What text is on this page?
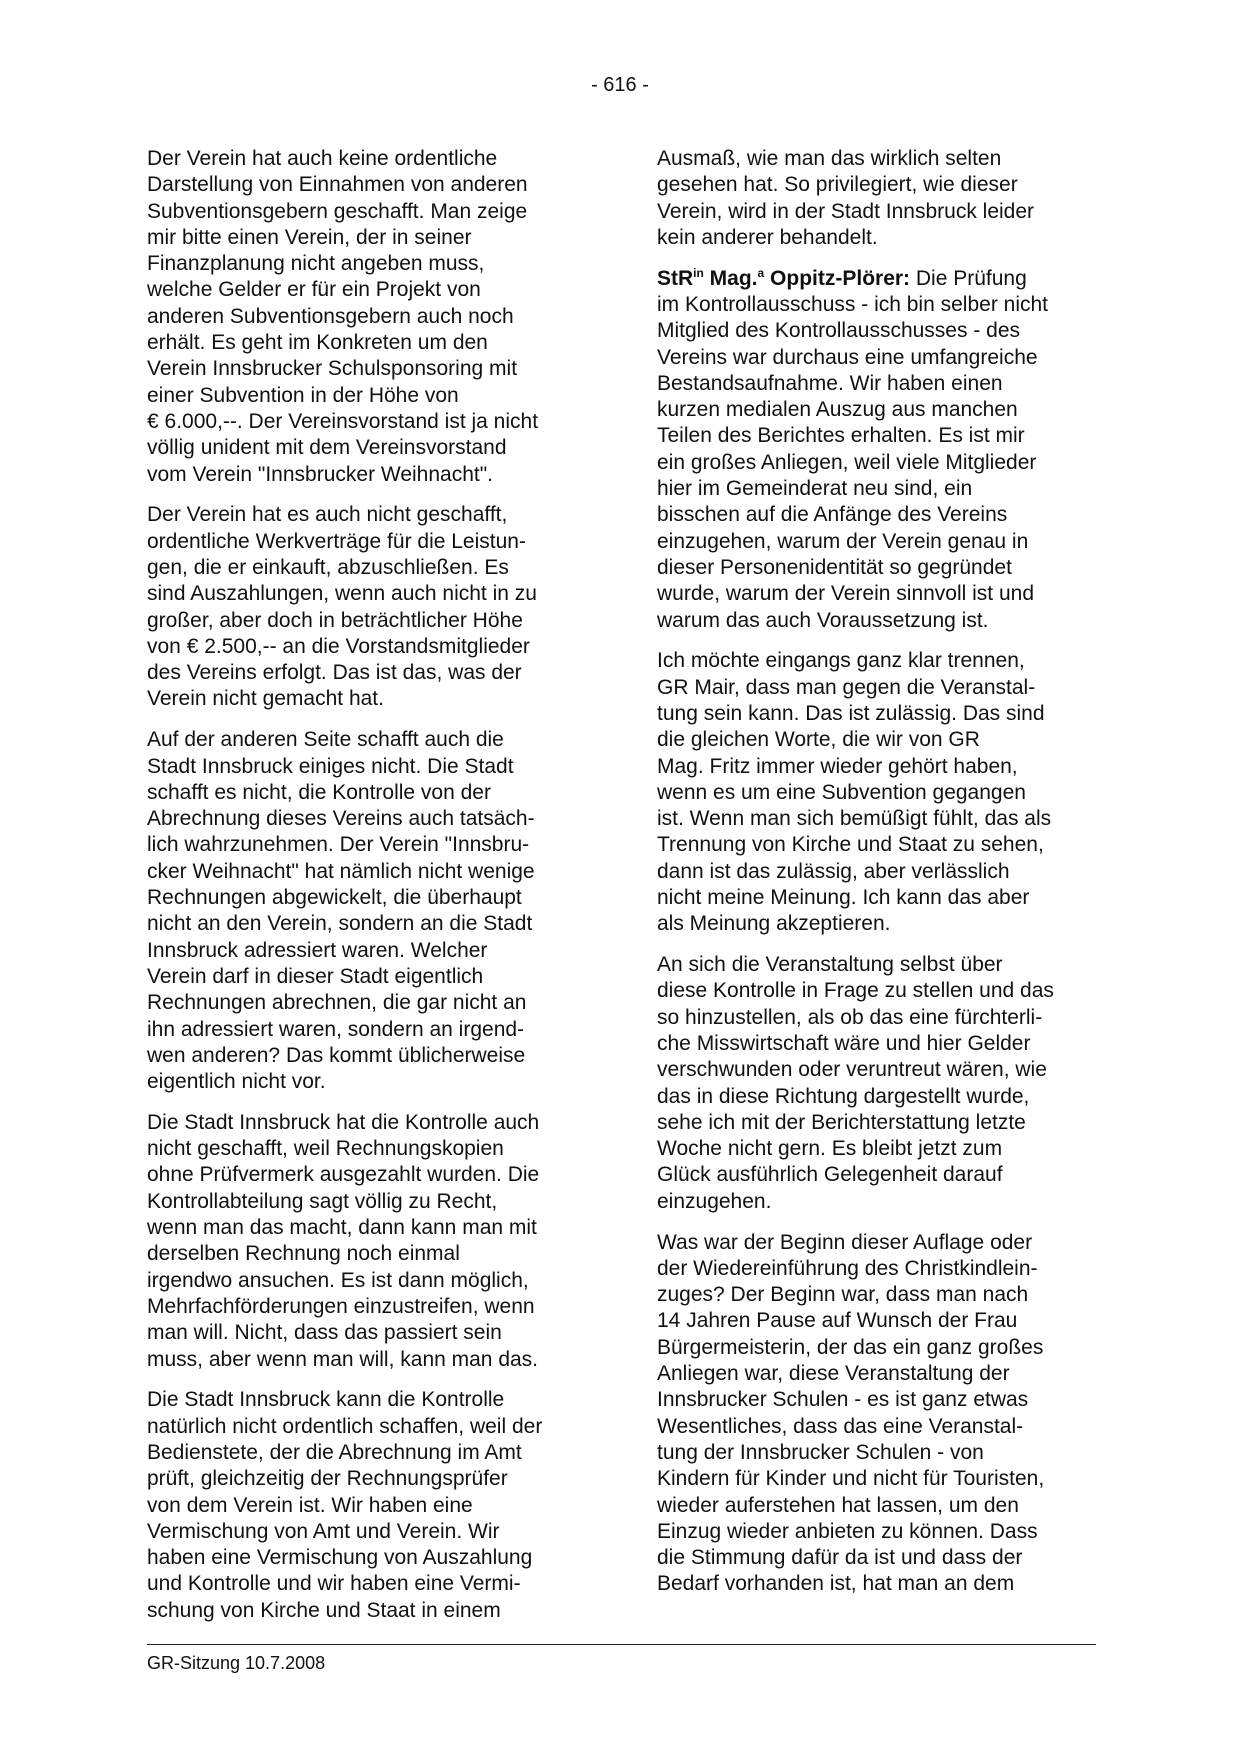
- 616 -

Der Verein hat auch keine ordentliche
Darstellung von Einnahmen von anderen
Subventionsgebern geschafft. Man zeige
mir bitte einen Verein, der in seiner
Finanzplanung nicht angeben muss,
welche Gelder er für ein Projekt von
anderen Subventionsgebern auch noch
erhält. Es geht im Konkreten um den
Verein Innsbrucker Schulsponsoring mit
einer Subvention in der Höhe von
€ 6.000,--. Der Vereinsvorstand ist ja nicht
völlig unident mit dem Vereinsvorstand
vom Verein "Innsbrucker Weihnacht".

Der Verein hat es auch nicht geschafft,
ordentliche Werkverträge für die Leistun-
gen, die er einkauft, abzuschließen. Es
sind Auszahlungen, wenn auch nicht in zu
großer, aber doch in beträchtlicher Höhe
von € 2.500,-- an die Vorstandsmitglieder
des Vereins erfolgt. Das ist das, was der
Verein nicht gemacht hat.

Auf der anderen Seite schafft auch die
Stadt Innsbruck einiges nicht. Die Stadt
schafft es nicht, die Kontrolle von der
Abrechnung dieses Vereins auch tatsäch-
lich wahrzunehmen. Der Verein "Innsbru-
cker Weihnacht" hat nämlich nicht wenige
Rechnungen abgewickelt, die überhaupt
nicht an den Verein, sondern an die Stadt
Innsbruck adressiert waren. Welcher
Verein darf in dieser Stadt eigentlich
Rechnungen abrechnen, die gar nicht an
ihn adressiert waren, sondern an irgend-
wen anderen? Das kommt üblicherweise
eigentlich nicht vor.

Die Stadt Innsbruck hat die Kontrolle auch
nicht geschafft, weil Rechnungskopien
ohne Prüfvermerk ausgezahlt wurden. Die
Kontrollabteilung sagt völlig zu Recht,
wenn man das macht, dann kann man mit
derselben Rechnung noch einmal
irgendwo ansuchen. Es ist dann möglich,
Mehrfachförderungen einzustreifen, wenn
man will. Nicht, dass das passiert sein
muss, aber wenn man will, kann man das.

Die Stadt Innsbruck kann die Kontrolle
natürlich nicht ordentlich schaffen, weil der
Bedienstete, der die Abrechnung im Amt
prüft, gleichzeitig der Rechnungsprüfer
von dem Verein ist. Wir haben eine
Vermischung von Amt und Verein. Wir
haben eine Vermischung von Auszahlung
und Kontrolle und wir haben eine Vermi-
schung von Kirche und Staat in einem

Ausmaß, wie man das wirklich selten
gesehen hat. So privilegiert, wie dieser
Verein, wird in der Stadt Innsbruck leider
kein anderer behandelt.

StR$^{in}$ Mag.$^a$ Oppitz-Plörer: Die Prüfung
im Kontrollausschuss - ich bin selber nicht
Mitglied des Kontrollausschusses - des
Vereins war durchaus eine umfangreiche
Bestandsaufnahme. Wir haben einen
kurzen medialen Auszug aus manchen
Teilen des Berichtes erhalten. Es ist mir
ein großes Anliegen, weil viele Mitglieder
hier im Gemeinderat neu sind, ein
bisschen auf die Anfänge des Vereins
einzugehen, warum der Verein genau in
dieser Personenidentität so gegründet
wurde, warum der Verein sinnvoll ist und
warum das auch Voraussetzung ist.

Ich möchte eingangs ganz klar trennen,
GR Mair, dass man gegen die Veranstal-
tung sein kann. Das ist zulässig. Das sind
die gleichen Worte, die wir von GR
Mag. Fritz immer wieder gehört haben,
wenn es um eine Subvention gegangen
ist. Wenn man sich bemüßigt fühlt, das als
Trennung von Kirche und Staat zu sehen,
dann ist das zulässig, aber verlässlich
nicht meine Meinung. Ich kann das aber
als Meinung akzeptieren.

An sich die Veranstaltung selbst über
diese Kontrolle in Frage zu stellen und das
so hinzustellen, als ob das eine fürchterli-
che Misswirtschaft wäre und hier Gelder
verschwunden oder veruntreut wären, wie
das in diese Richtung dargestellt wurde,
sehe ich mit der Berichterstattung letzte
Woche nicht gern. Es bleibt jetzt zum
Glück ausführlich Gelegenheit darauf
einzugehen.

Was war der Beginn dieser Auflage oder
der Wiedereinführung des Christkindlein-
zuges? Der Beginn war, dass man nach
14 Jahren Pause auf Wunsch der Frau
Bürgermeisterin, der das ein ganz großes
Anliegen war, diese Veranstaltung der
Innsbrucker Schulen - es ist ganz etwas
Wesentliches, dass das eine Veranstal-
tung der Innsbrucker Schulen - von
Kindern für Kinder und nicht für Touristen,
wieder auferstehen hat lassen, um den
Einzug wieder anbieten zu können. Dass
die Stimmung dafür da ist und dass der
Bedarf vorhanden ist, hat man an dem

GR-Sitzung 10.7.2008
